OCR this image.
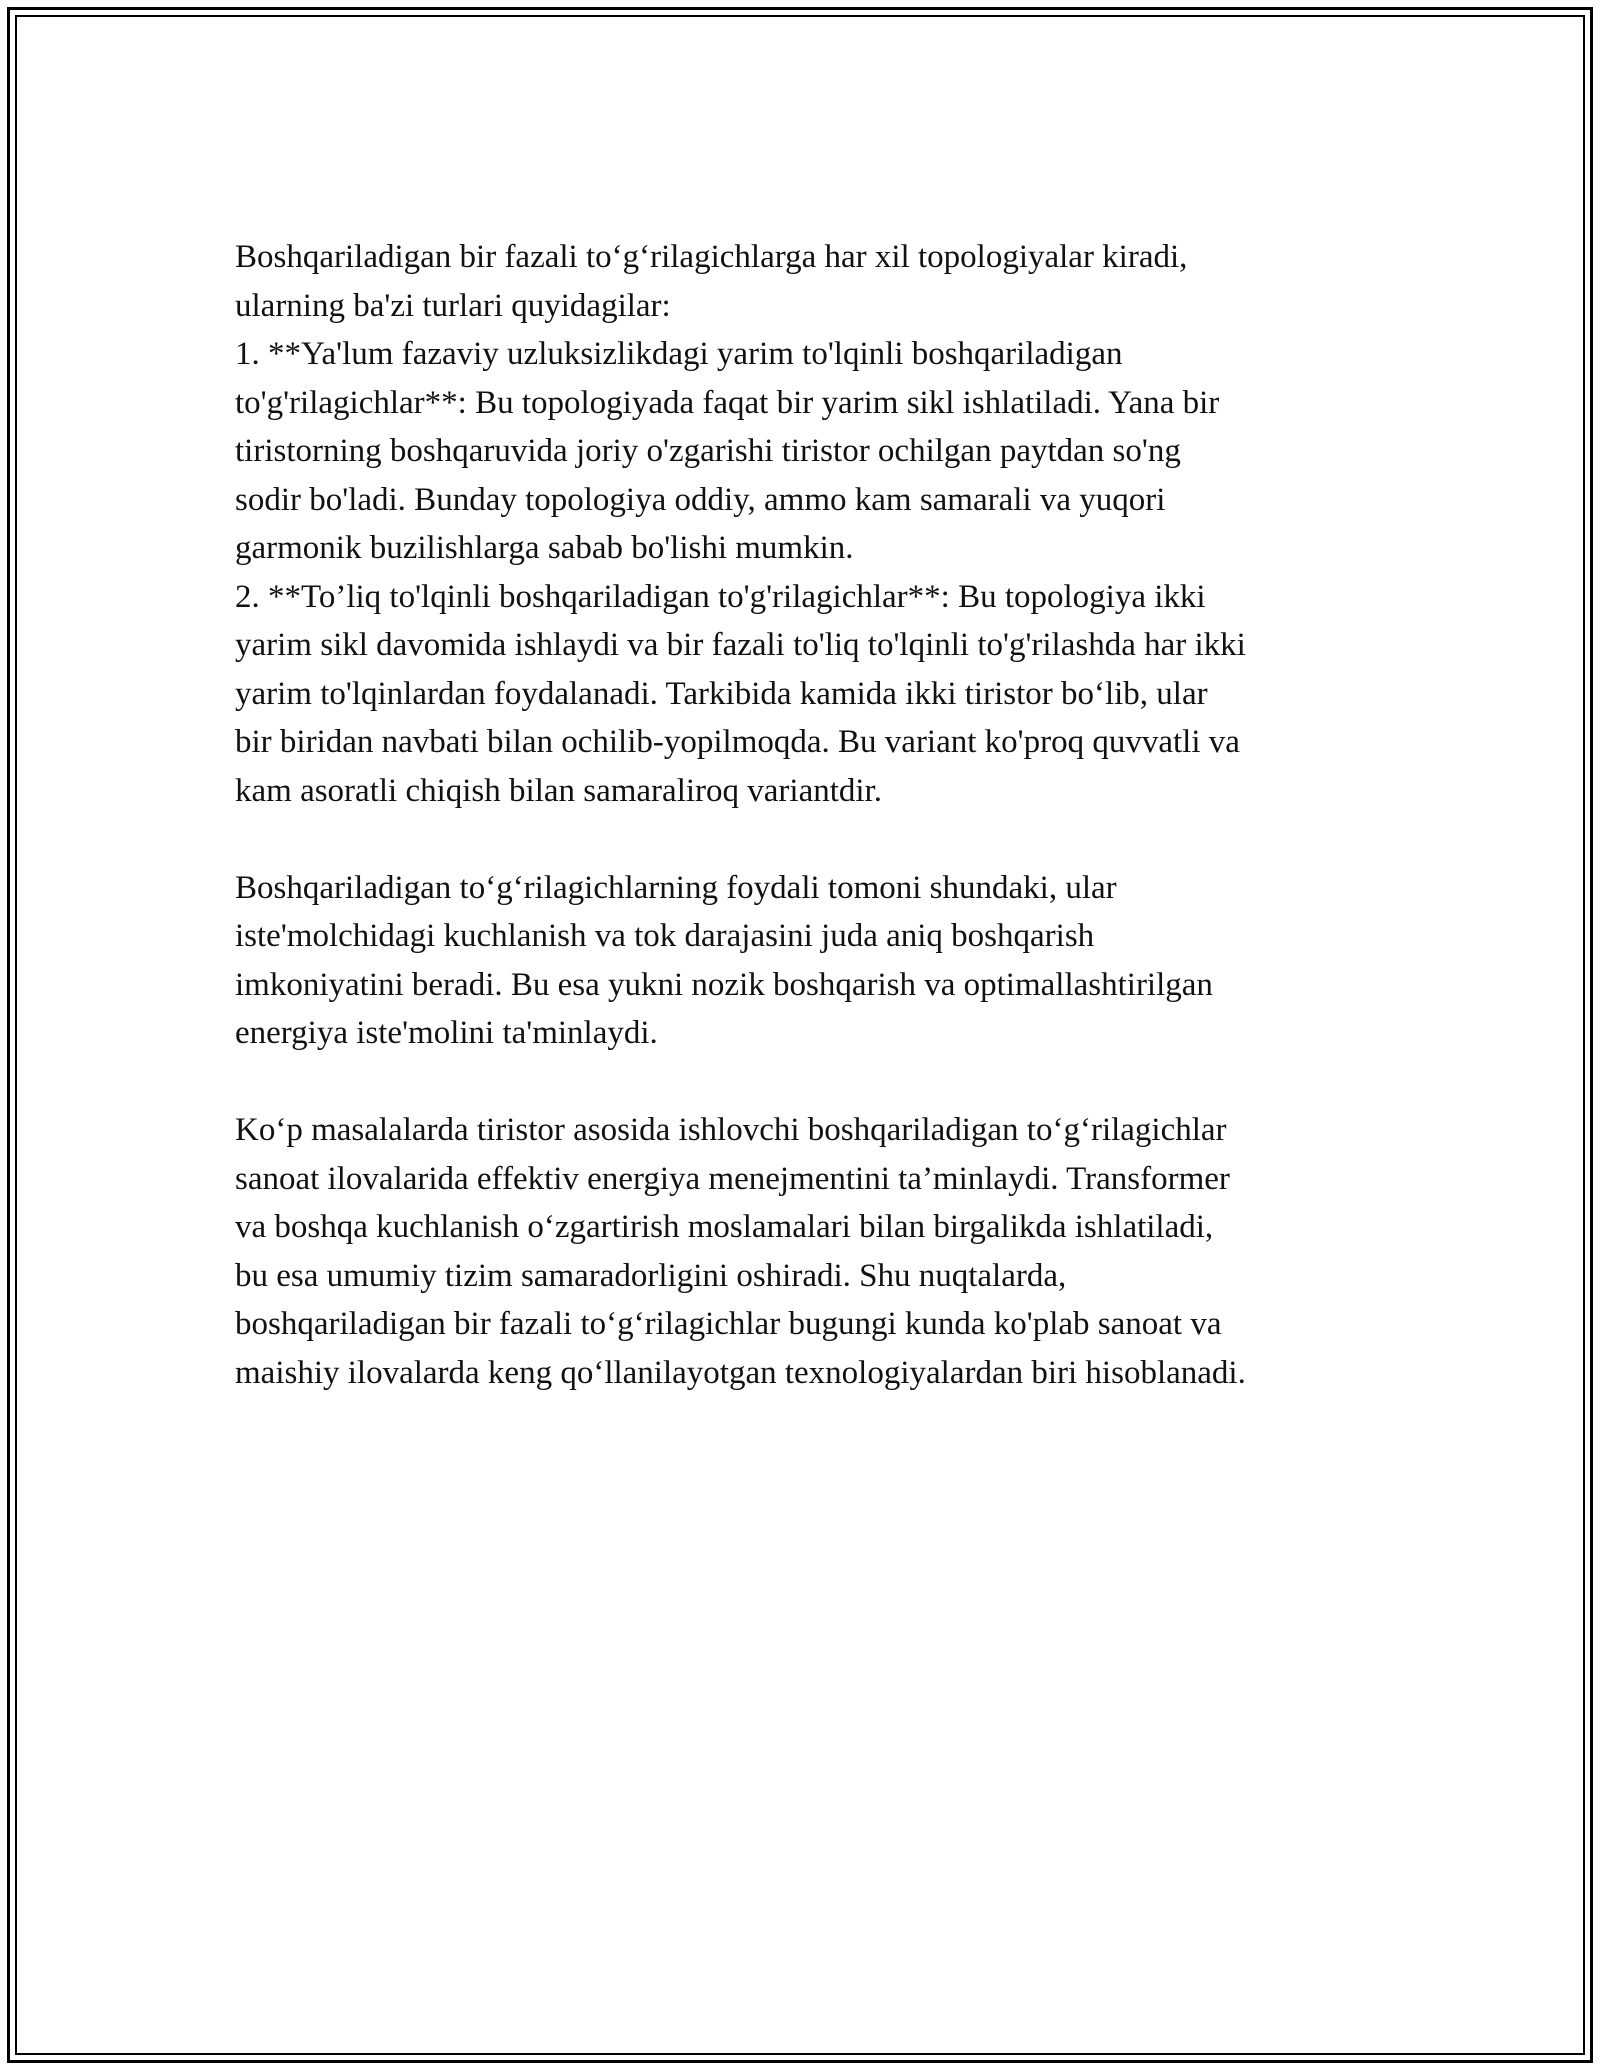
Boshqariladigan bir fazali to‘g‘rilagichlarga har xil topologiyalar kiradi,
ularning ba'zi turlari quyidagilar:
1. **Ya'lum fazaviy uzluksizlikdagi yarim to'lqinli boshqariladigan
to'g'rilagichlar**: Bu topologiyada faqat bir yarim sikl ishlatiladi. Yana bir
tiristorning boshqaruvida joriy o'zgarishi tiristor ochilgan paytdan so'ng
sodir bo'ladi. Bunday topologiya oddiy, ammo kam samarali va yuqori
garmonik buzilishlarga sabab bo'lishi mumkin.
2. **To’liq to'lqinli boshqariladigan to'g'rilagichlar**: Bu topologiya ikki
yarim sikl davomida ishlaydi va bir fazali to'liq to'lqinli to'g'rilashda har ikki
yarim to'lqinlardan foydalanadi. Tarkibida kamida ikki tiristor bo‘lib, ular
bir biridan navbati bilan ochilib-yopilmoqda. Bu variant ko'proq quvvatli va
kam asoratli chiqish bilan samaraliroq variantdir.
Boshqariladigan to‘g‘rilagichlarning foydali tomoni shundaki, ular
iste'molchidagi kuchlanish va tok darajasini juda aniq boshqarish
imkoniyatini beradi. Bu esa yukni nozik boshqarish va optimallashtirilgan
energiya iste'molini ta'minlaydi.
Ko‘p masalalarda tiristor asosida ishlovchi boshqariladigan to‘g‘rilagichlar
sanoat ilovalarida effektiv energiya menejmentini ta’minlaydi. Transformer
va boshqa kuchlanish o‘zgartirish moslamalari bilan birgalikda ishlatiladi,
bu esa umumiy tizim samaradorligini oshiradi. Shu nuqtalarda,
boshqariladigan bir fazali to‘g‘rilagichlar bugungi kunda ko'plab sanoat va
maishiy ilovalarda keng qo‘llanilayotgan texnologiyalardan biri hisoblanadi.
